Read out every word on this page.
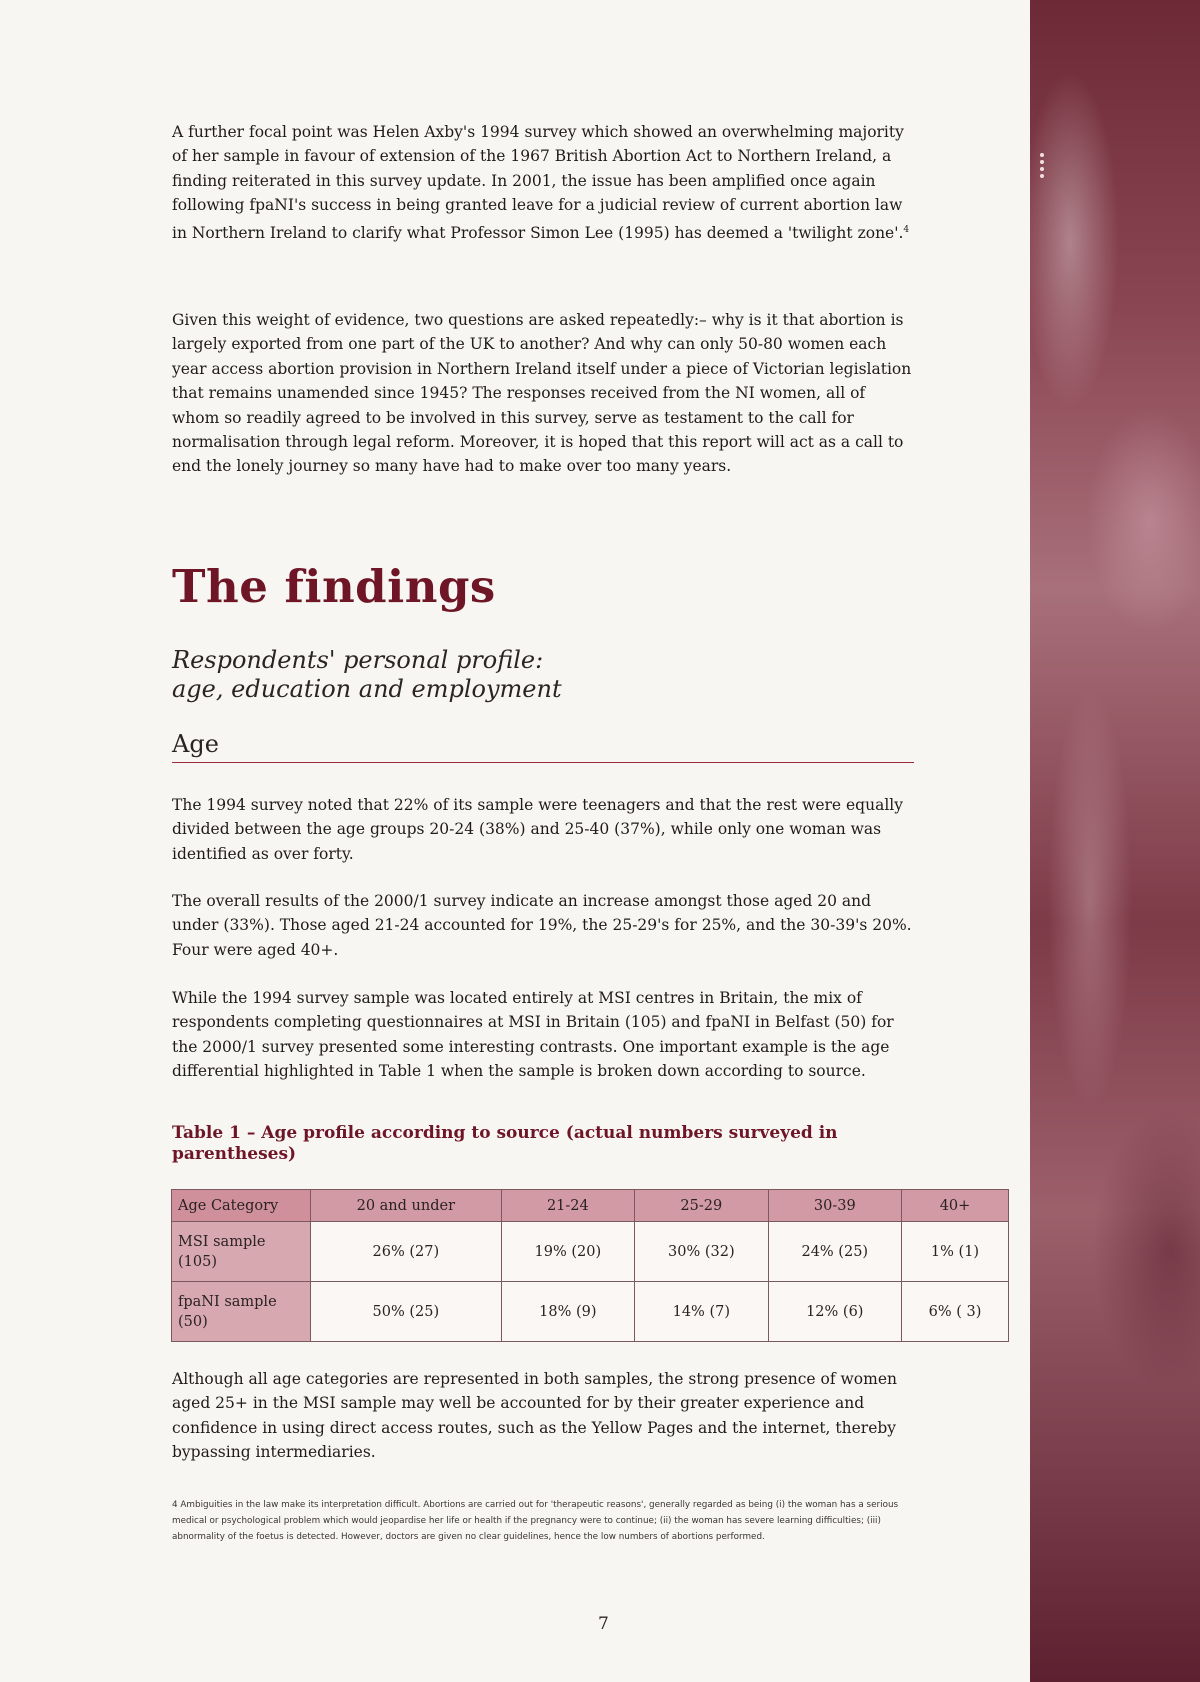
A further focal point was Helen Axby's 1994 survey which showed an overwhelming majority of her sample in favour of extension of the 1967 British Abortion Act to Northern Ireland, a finding reiterated in this survey update. In 2001, the issue has been amplified once again following fpaNI's success in being granted leave for a judicial review of current abortion law in Northern Ireland to clarify what Professor Simon Lee (1995) has deemed a 'twilight zone'.$^4$

Given this weight of evidence, two questions are asked repeatedly:– why is it that abortion is largely exported from one part of the UK to another? And why can only 50-80 women each year access abortion provision in Northern Ireland itself under a piece of Victorian legislation that remains unamended since 1945? The responses received from the NI women, all of whom so readily agreed to be involved in this survey, serve as testament to the call for normalisation through legal reform. Moreover, it is hoped that this report will act as a call to end the lonely journey so many have had to make over too many years.

The findings
Respondents' personal profile:
age, education and employment
Age

The 1994 survey noted that 22% of its sample were teenagers and that the rest were equally divided between the age groups 20-24 (38%) and 25-40 (37%), while only one woman was identified as over forty.

The overall results of the 2000/1 survey indicate an increase amongst those aged 20 and under (33%). Those aged 21-24 accounted for 19%, the 25-29's for 25%, and the 30-39's 20%. Four were aged 40+.

While the 1994 survey sample was located entirely at MSI centres in Britain, the mix of respondents completing questionnaires at MSI in Britain (105) and fpaNI in Belfast (50) for the 2000/1 survey presented some interesting contrasts. One important example is the age differential highlighted in Table 1 when the sample is broken down according to source.

Table 1 – Age profile according to source (actual numbers surveyed in parentheses)

Age Category	20 and under	21-24	25-29	30-39	40+
MSI sample
(105)	26% (27)	19% (20)	30% (32)	24% (25)	1% (1)
fpaNI sample
(50)	50% (25)	18% (9)	14% (7)	12% (6)	6% ( 3)

Although all age categories are represented in both samples, the strong presence of women aged 25+ in the MSI sample may well be accounted for by their greater experience and confidence in using direct access routes, such as the Yellow Pages and the internet, thereby bypassing intermediaries.

4 Ambiguities in the law make its interpretation difficult. Abortions are carried out for 'therapeutic reasons', generally regarded as being (i) the woman has a serious medical or psychological problem which would jeopardise her life or health if the pregnancy were to continue; (ii) the woman has severe learning difficulties; (iii) abnormality of the foetus is detected. However, doctors are given no clear guidelines, hence the low numbers of abortions performed.

7
